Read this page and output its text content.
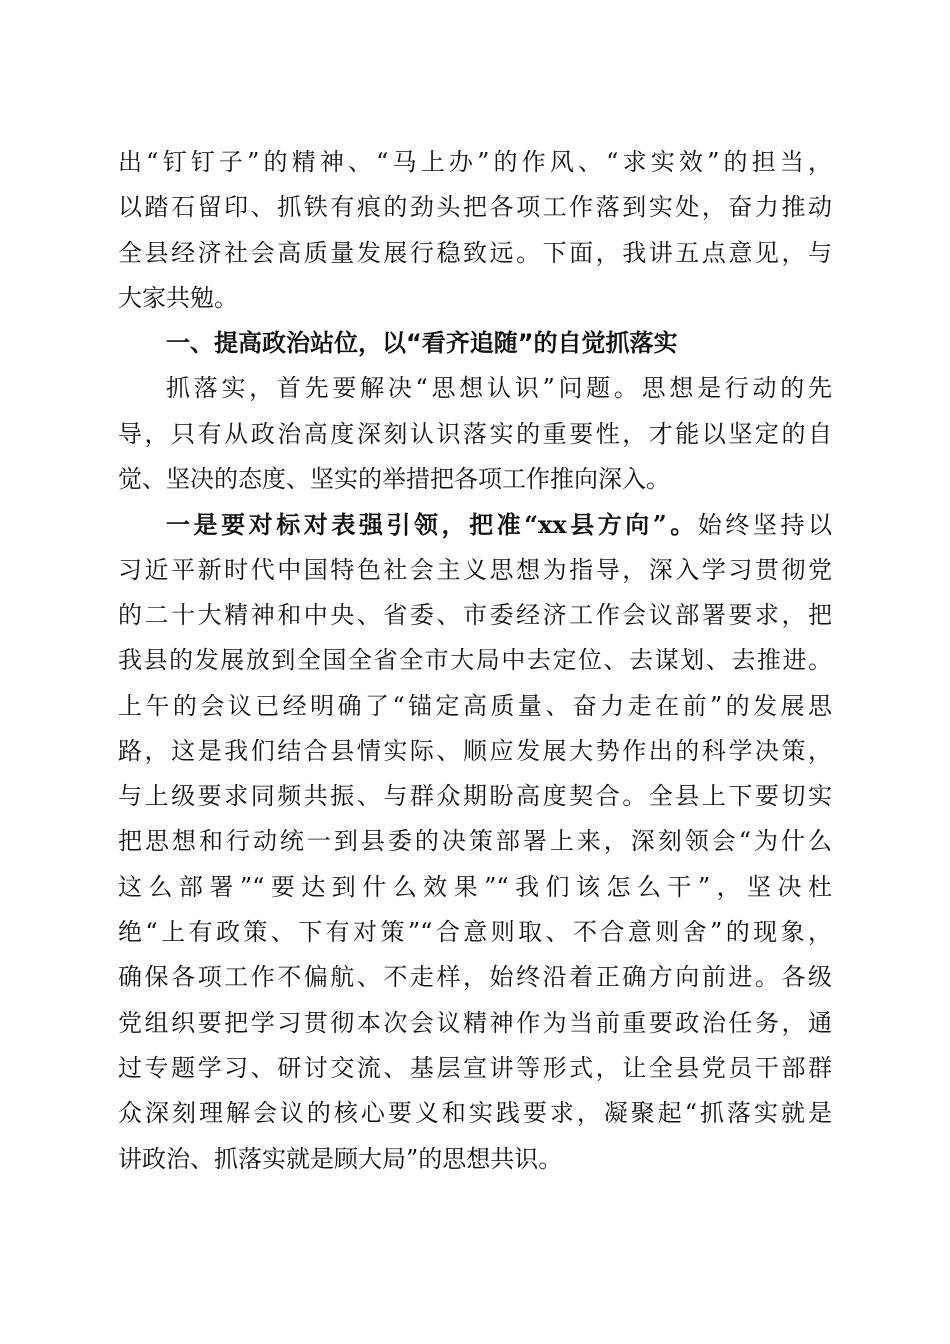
出“钉钉子”的精神、“马上办”的作风、“求实效”的担当，
以踏石留印、抓铁有痕的劲头把各项工作落到实处，奋力推动
全县经济社会高质量发展行稳致远。下面，我讲五点意见，与
大家共勉。
一、提高政治站位，以“看齐追随”的自觉抓落实
抓落实，首先要解决“思想认识”问题。思想是行动的先
导，只有从政治高度深刻认识落实的重要性，才能以坚定的自
觉、坚决的态度、坚实的举措把各项工作推向深入。
一是要对标对表强引领，把准“xx县方向”。始终坚持以
习近平新时代中国特色社会主义思想为指导，深入学习贯彻党
的二十大精神和中央、省委、市委经济工作会议部署要求，把
我县的发展放到全国全省全市大局中去定位、去谋划、去推进。
上午的会议已经明确了“锚定高质量、奋力走在前”的发展思
路，这是我们结合县情实际、顺应发展大势作出的科学决策，
与上级要求同频共振、与群众期盼高度契合。全县上下要切实
把思想和行动统一到县委的决策部署上来，深刻领会“为什么
这么部署”“要达到什么效果”“我们该怎么干”，坚决杜
绝“上有政策、下有对策”“合意则取、不合意则舍”的现象，
确保各项工作不偏航、不走样，始终沿着正确方向前进。各级
党组织要把学习贯彻本次会议精神作为当前重要政治任务，通
过专题学习、研讨交流、基层宣讲等形式，让全县党员干部群
众深刻理解会议的核心要义和实践要求，凝聚起“抓落实就是
讲政治、抓落实就是顾大局”的思想共识。
